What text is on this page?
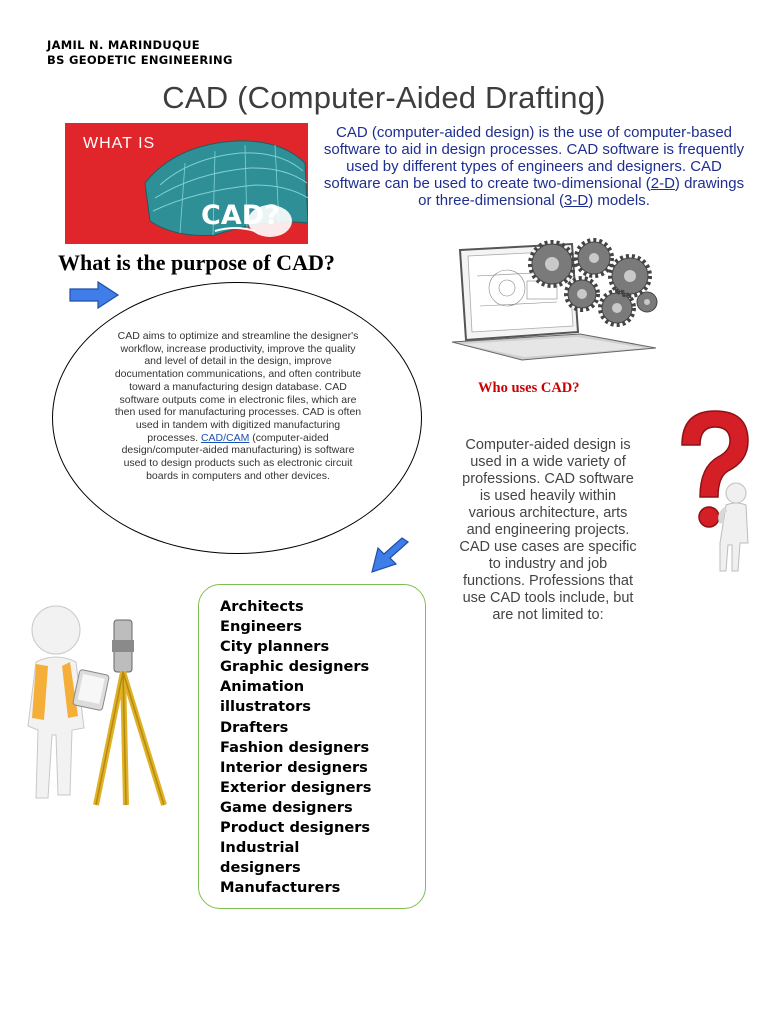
JAMIL N. MARINDUQUE
BS GEODETIC ENGINEERING
CAD (Computer-Aided Drafting)
WHAT IS
CAD?
CAD (computer-aided design) is the use of computer-based software to aid in design processes. CAD software is frequently used by different types of engineers and designers. CAD software can be used to create two-dimensional (2-D) drawings or three-dimensional (3-D) models.
What is the purpose of CAD?
CAD aims to optimize and streamline the designer's workflow, increase productivity, improve the quality and level of detail in the design, improve documentation communications, and often contribute toward a manufacturing design database. CAD software outputs come in electronic files, which are then used for manufacturing processes. CAD is often used in tandem with digitized manufacturing processes. CAD/CAM (computer-aided design/computer-aided manufacturing) is software used to design products such as electronic circuit boards in computers and other devices.
Who uses CAD?
Computer-aided design is used in a wide variety of professions. CAD software is used heavily within various architecture, arts and engineering projects. CAD use cases are specific to industry and job functions. Professions that use CAD tools include, but are not limited to:
Architects
Engineers
City planners
Graphic designers
Animation
illustrators
Drafters
Fashion designers
Interior designers
Exterior designers
Game designers
Product designers
Industrial
designers
Manufacturers
